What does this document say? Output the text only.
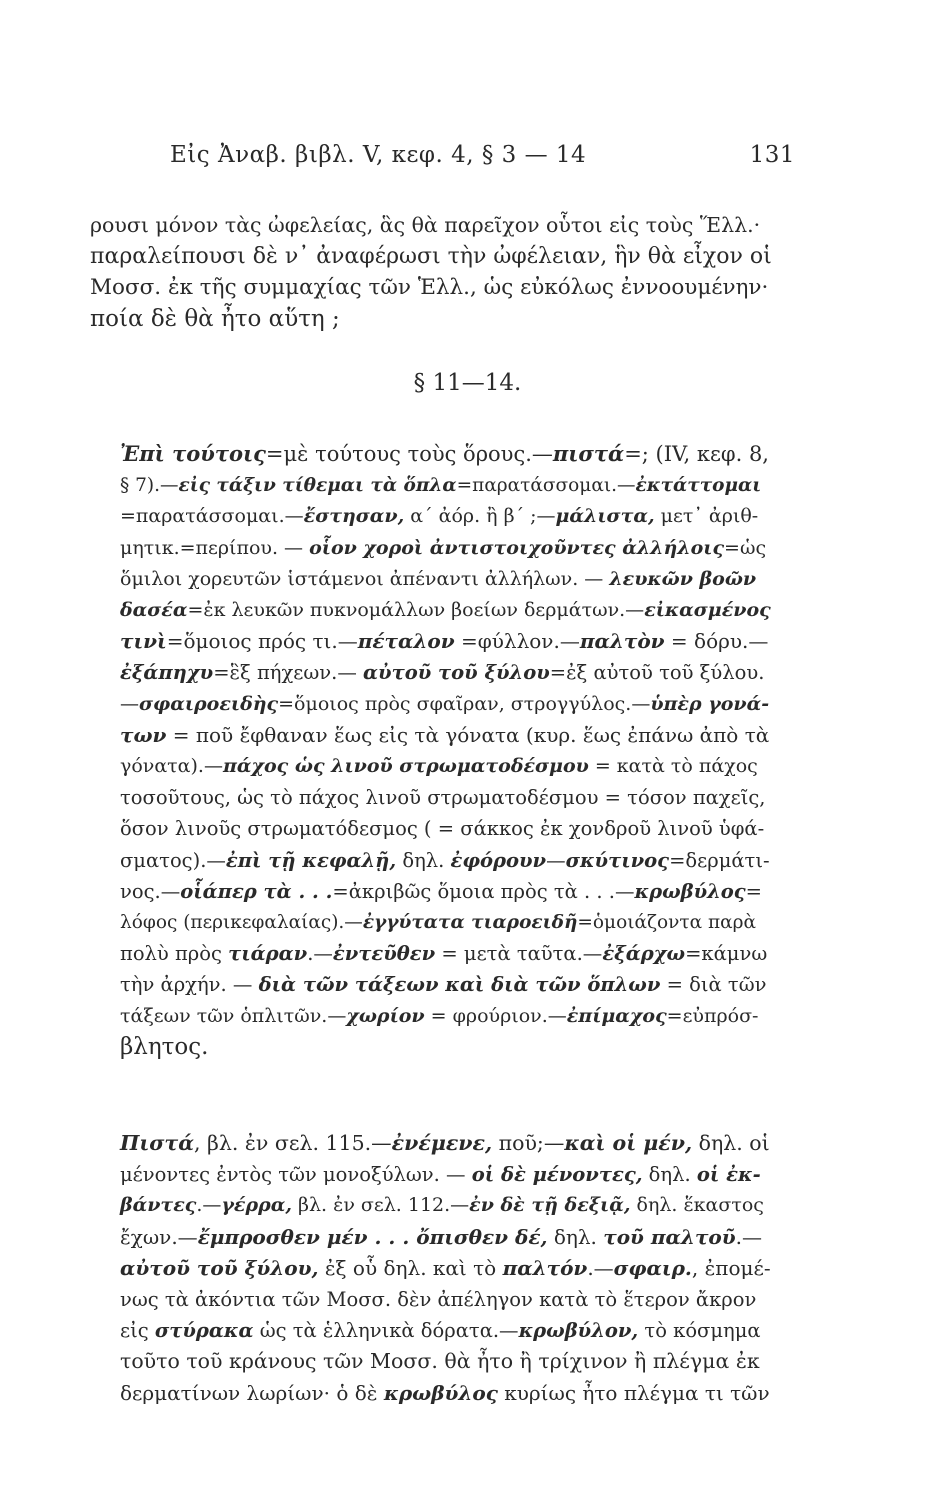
Εἰς Ἀναβ. βιβλ. V, κεφ. 4, § 3 — 14	131
ρουσι μόνον τὰς ὠφελείας, ἃς θὰ παρεῖχον οὗτοι εἰς τοὺς Ἕλλ.·
παραλείπουσι δὲ ν᾽ ἀναφέρωσι τὴν ὠφέλειαν, ἣν θὰ εἶχον οἱ
Μοσσ. ἐκ τῆς συμμαχίας τῶν Ἑλλ., ὡς εὐκόλως ἐννοουμένην·
ποία δὲ θὰ ἦτο αὕτη ;
§ 11—14.
Ἐπὶ τούτοις=μὲ τούτους τοὺς ὅρους.—πιστά=; (IV, κεφ. 8,
§ 7).—εἰς τάξιν τίθεμαι τὰ ὅπλα=παρατάσσομαι.—ἐκτάττομαι
=παρατάσσομαι.—ἔστησαν, α΄ ἀόρ. ἢ β΄ ;—μάλιστα, μετ᾽ ἀριθ-
μητικ.=περίπου. — οἷον χοροὶ ἀντιστοιχοῦντες ἀλλήλοις=ὡς
ὅμιλοι χορευτῶν ἱστάμενοι ἀπέναντι ἀλλήλων. — λευκῶν βοῶν
δασέα=ἐκ λευκῶν πυκνομάλλων βοείων δερμάτων.—εἰκασμένος
τινὶ=ὅμοιος πρός τι.—πέταλον =φύλλον.—παλτὸν = δόρυ.—
ἐξάπηχυ=ἓξ πήχεων.— αὐτοῦ τοῦ ξύλου=ἐξ αὐτοῦ τοῦ ξύλου.
—σφαιροειδὴς=ὅμοιος πρὸς σφαῖραν, στρογγύλος.—ὑπὲρ γονά-
των = ποῦ ἔφθαναν ἕως εἰς τὰ γόνατα (κυρ. ἕως ἐπάνω ἀπὸ τὰ
γόνατα).—πάχος ὡς λινοῦ στρωματοδέσμου = κατὰ τὸ πάχος
τοσοῦτους, ὡς τὸ πάχος λινοῦ στρωματοδέσμου = τόσον παχεῖς,
ὅσον λινοῦς στρωματόδεσμος ( = σάκκος ἐκ χονδροῦ λινοῦ ὑφά-
σματος).—ἐπὶ τῇ κεφαλῇ, δηλ. ἐφόρουν—σκύτινος=δερμάτι-
νος.—οἷάπερ τὰ . . .=ἀκριβῶς ὅμοια πρὸς τὰ . . .—κρωβύλος=
λόφος (περικεφαλαίας).—ἐγγύτατα τιαροειδῆ=ὁμοιάζοντα παρὰ
πολὺ πρὸς τιάραν.—ἐντεῦθεν = μετὰ ταῦτα.—ἐξάρχω=κάμνω
τὴν ἀρχήν. — διὰ τῶν τάξεων καὶ διὰ τῶν ὅπλων = διὰ τῶν
τάξεων τῶν ὁπλιτῶν.—χωρίον = φρούριον.—ἐπίμαχος=εὐπρόσ-
βλητος.
Πιστά, βλ. ἐν σελ. 115.—ἐνέμενε, ποῦ;—καὶ οἱ μέν, δηλ. οἱ
μένοντες ἐντὸς τῶν μονοξύλων. — οἱ δὲ μένοντες, δηλ. οἱ ἐκ-
βάντες.—γέρρα, βλ. ἐν σελ. 112.—ἐν δὲ τῇ δεξιᾷ, δηλ. ἕκαστος
ἔχων.—ἔμπροσθεν μέν . . . ὄπισθεν δέ, δηλ. τοῦ παλτοῦ.—
αὐτοῦ τοῦ ξύλου, ἐξ οὗ δηλ. καὶ τὸ παλτόν.—σφαιρ., ἐπομέ-
νως τὰ ἀκόντια τῶν Μοσσ. δὲν ἀπέληγον κατὰ τὸ ἕτερον ἄκρον
εἰς στύρακα ὡς τὰ ἑλληνικὰ δόρατα.—κρωβύλον, τὸ κόσμημα
τοῦτο τοῦ κράνους τῶν Μοσσ. θὰ ἦτο ἢ τρίχινον ἢ πλέγμα ἐκ
δερματίνων λωρίων· ὁ δὲ κρωβύλος κυρίως ἦτο πλέγμα τι τῶν
